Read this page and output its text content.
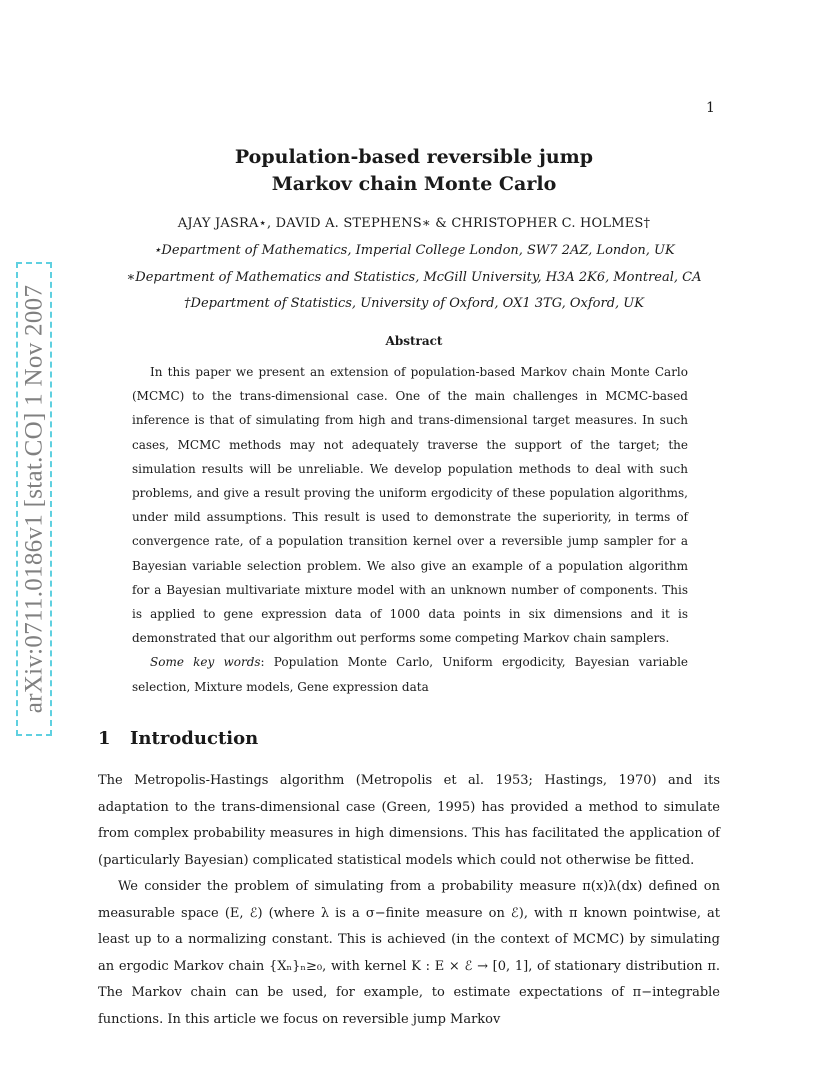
1
arXiv:0711.0186v1 [stat.CO] 1 Nov 2007
Population-based reversible jump
Markov chain Monte Carlo
AJAY JASRA⋆, DAVID A. STEPHENS∗ & CHRISTOPHER C. HOLMES†
⋆Department of Mathematics, Imperial College London, SW7 2AZ, London, UK
∗Department of Mathematics and Statistics, McGill University, H3A 2K6, Montreal, CA
†Department of Statistics, University of Oxford, OX1 3TG, Oxford, UK
Abstract

In this paper we present an extension of population-based Markov chain Monte Carlo (MCMC) to the trans-dimensional case. One of the main challenges in MCMC-based inference is that of simulating from high and trans-dimensional target measures. In such cases, MCMC methods may not adequately traverse the support of the target; the simulation results will be unreliable. We develop population methods to deal with such problems, and give a result proving the uniform ergodicity of these population algorithms, under mild assumptions. This result is used to demonstrate the superiority, in terms of convergence rate, of a population transition kernel over a reversible jump sampler for a Bayesian variable selection problem. We also give an example of a population algorithm for a Bayesian multivariate mixture model with an unknown number of components. This is applied to gene expression data of 1000 data points in six dimensions and it is demonstrated that our algorithm out performs some competing Markov chain samplers.

Some key words: Population Monte Carlo, Uniform ergodicity, Bayesian variable selection, Mixture models, Gene expression data

1 Introduction

The Metropolis-Hastings algorithm (Metropolis et al. 1953; Hastings, 1970) and its adaptation to the trans-dimensional case (Green, 1995) has provided a method to simulate from complex probability measures in high dimensions. This has facilitated the application of (particularly Bayesian) complicated statistical models which could not otherwise be fitted.

We consider the problem of simulating from a probability measure π(x)λ(dx) defined on measurable space (E, ℰ) (where λ is a σ−finite measure on ℰ), with π known pointwise, at least up to a normalizing constant. This is achieved (in the context of MCMC) by simulating an ergodic Markov chain {Xₙ}ₙ≥₀, with kernel K : E × ℰ → [0, 1], of stationary distribution π. The Markov chain can be used, for example, to estimate expectations of π−integrable functions. In this article we focus on reversible jump Markov
